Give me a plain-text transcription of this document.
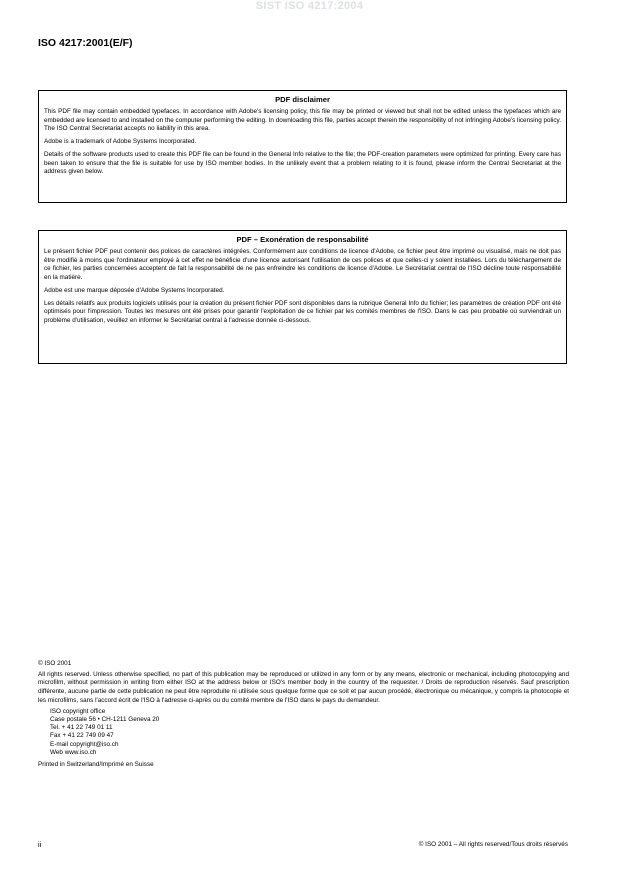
SIST ISO 4217:2004
ISO 4217:2001(E/F)
PDF disclaimer

This PDF file may contain embedded typefaces. In accordance with Adobe's licensing policy, this file may be printed or viewed but shall not be edited unless the typefaces which are embedded are licensed to and installed on the computer performing the editing. In downloading this file, parties accept therein the responsibility of not infringing Adobe's licensing policy. The ISO Central Secretariat accepts no liability in this area.

Adobe is a trademark of Adobe Systems Incorporated.

Details of the software products used to create this PDF file can be found in the General Info relative to the file; the PDF-creation parameters were optimized for printing. Every care has been taken to ensure that the file is suitable for use by ISO member bodies. In the unlikely event that a problem relating to it is found, please inform the Central Secretariat at the address given below.

PDF – Exonération de responsabilité

Le présent fichier PDF peut contenir des polices de caractères intégrées. Conformément aux conditions de licence d'Adobe, ce fichier peut être imprimé ou visualisé, mais ne doit pas être modifié à moins que l'ordinateur employé à cet effet ne bénéficie d'une licence autorisant l'utilisation de ces polices et que celles-ci y soient installées. Lors du téléchargement de ce fichier, les parties concernées acceptent de fait la responsabilité de ne pas enfreindre les conditions de licence d'Adobe. Le Secrétariat central de l'ISO décline toute responsabilité en la matière.

Adobe est une marque déposée d'Adobe Systems Incorporated.

Les détails relatifs aux produits logiciels utilisés pour la création du présent fichier PDF sont disponibles dans la rubrique General Info du fichier; les paramètres de création PDF ont été optimisés pour l'impression. Toutes les mesures ont été prises pour garantir l'exploitation de ce fichier par les comités membres de l'ISO. Dans le cas peu probable où surviendrait un problème d'utilisation, veuillez en informer le Secrétariat central à l'adresse donnée ci-dessous.

© ISO 2001
All rights reserved. Unless otherwise specified, no part of this publication may be reproduced or utilized in any form or by any means, electronic or mechanical, including photocopying and microfilm, without permission in writing from either ISO at the address below or ISO's member body in the country of the requester. / Droits de reproduction réservés. Sauf prescription différente, aucune partie de cette publication ne peut être reproduite ni utilisée sous quelque forme que ce soit et par aucun procédé, électronique ou mécanique, y compris la photocopie et les microfilms, sans l'accord écrit de l'ISO à l'adresse ci-après ou du comité membre de l'ISO dans le pays du demandeur.
ISO copyright office
Case postale 56 • CH-1211 Geneva 20
Tel. + 41 22 749 01 11
Fax + 41 22 749 09 47
E-mail copyright@iso.ch
Web www.iso.ch
Printed in Switzerland/Imprimé en Suisse
ii	© ISO 2001 – All rights reserved/Tous droits réservés
